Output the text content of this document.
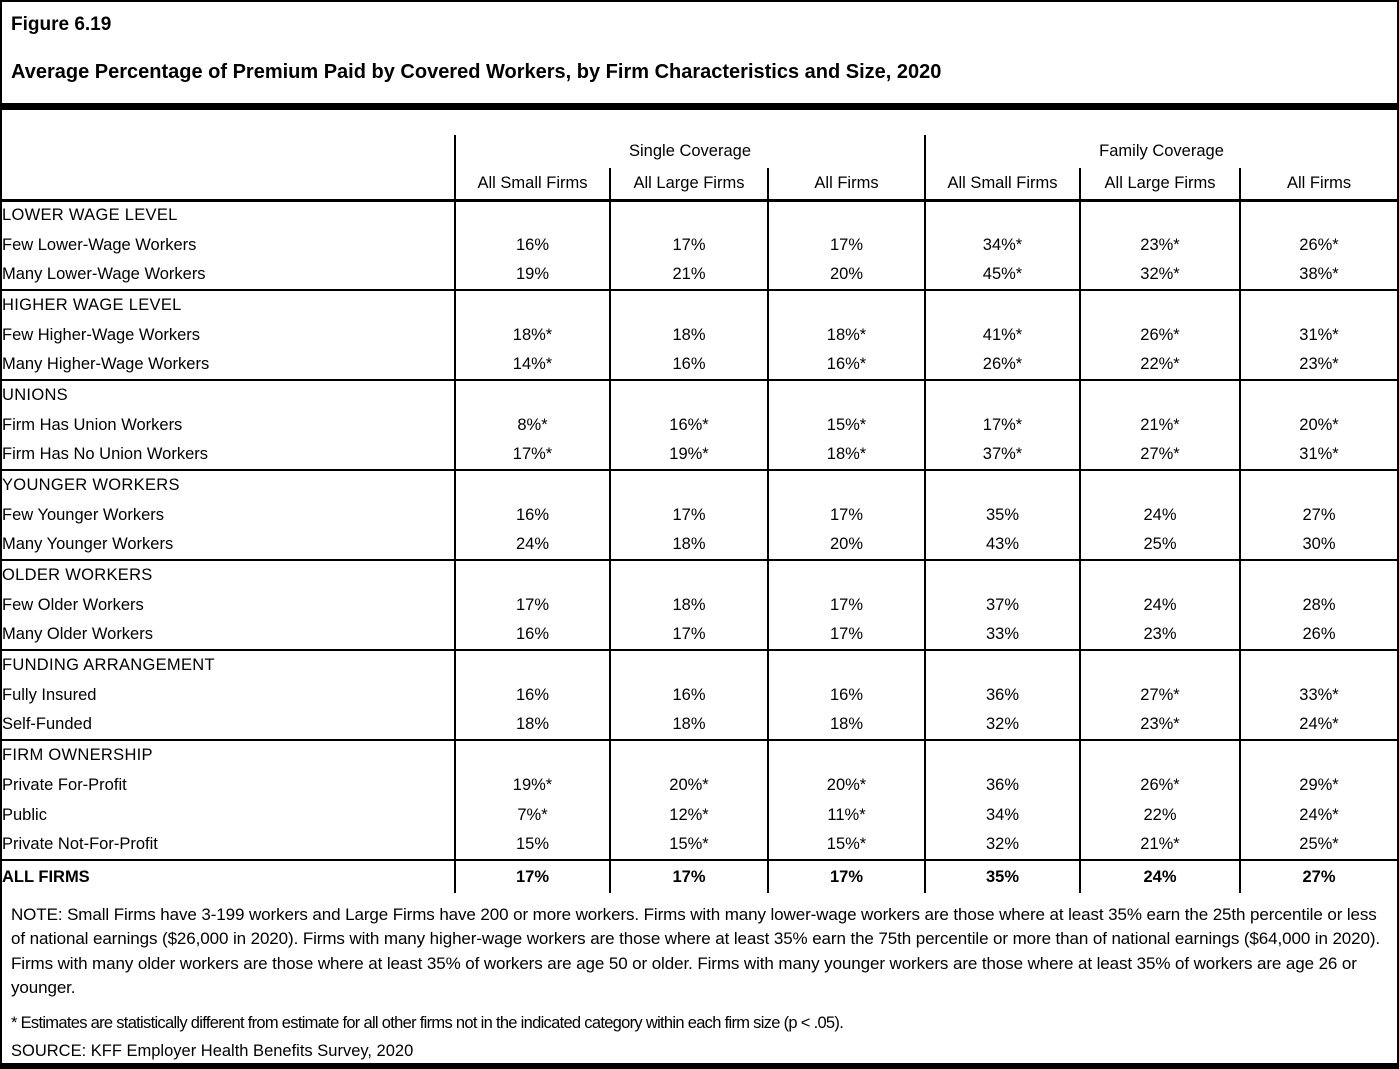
Figure 6.19
Average Percentage of Premium Paid by Covered Workers, by Firm Characteristics and Size, 2020
	Single Coverage			Family Coverage		
	All Small Firms	All Large Firms	All Firms	All Small Firms	All Large Firms	All Firms
LOWER WAGE LEVEL						
Few Lower-Wage Workers	16%	17%	17%	34%*	23%*	26%*
Many Lower-Wage Workers	19%	21%	20%	45%*	32%*	38%*
HIGHER WAGE LEVEL						
Few Higher-Wage Workers	18%*	18%	18%*	41%*	26%*	31%*
Many Higher-Wage Workers	14%*	16%	16%*	26%*	22%*	23%*
UNIONS						
Firm Has Union Workers	8%*	16%*	15%*	17%*	21%*	20%*
Firm Has No Union Workers	17%*	19%*	18%*	37%*	27%*	31%*
YOUNGER WORKERS						
Few Younger Workers	16%	17%	17%	35%	24%	27%
Many Younger Workers	24%	18%	20%	43%	25%	30%
OLDER WORKERS						
Few Older Workers	17%	18%	17%	37%	24%	28%
Many Older Workers	16%	17%	17%	33%	23%	26%
FUNDING ARRANGEMENT						
Fully Insured	16%	16%	16%	36%	27%*	33%*
Self-Funded	18%	18%	18%	32%	23%*	24%*
FIRM OWNERSHIP						
Private For-Profit	19%*	20%*	20%*	36%	26%*	29%*
Public	7%*	12%*	11%*	34%	22%	24%*
Private Not-For-Profit	15%	15%*	15%*	32%	21%*	25%*
ALL FIRMS	17%	17%	17%	35%	24%	27%

NOTE: Small Firms have 3-199 workers and Large Firms have 200 or more workers. Firms with many lower-wage workers are those where at least 35% earn the 25th percentile or less of national earnings ($26,000 in 2020). Firms with many higher-wage workers are those where at least 35% earn the 75th percentile or more than of national earnings ($64,000 in 2020). Firms with many older workers are those where at least 35% of workers are age 50 or older. Firms with many younger workers are those where at least 35% of workers are age 26 or younger.

* Estimates are statistically different from estimate for all other firms not in the indicated category within each firm size (p < .05).

SOURCE: KFF Employer Health Benefits Survey, 2020
